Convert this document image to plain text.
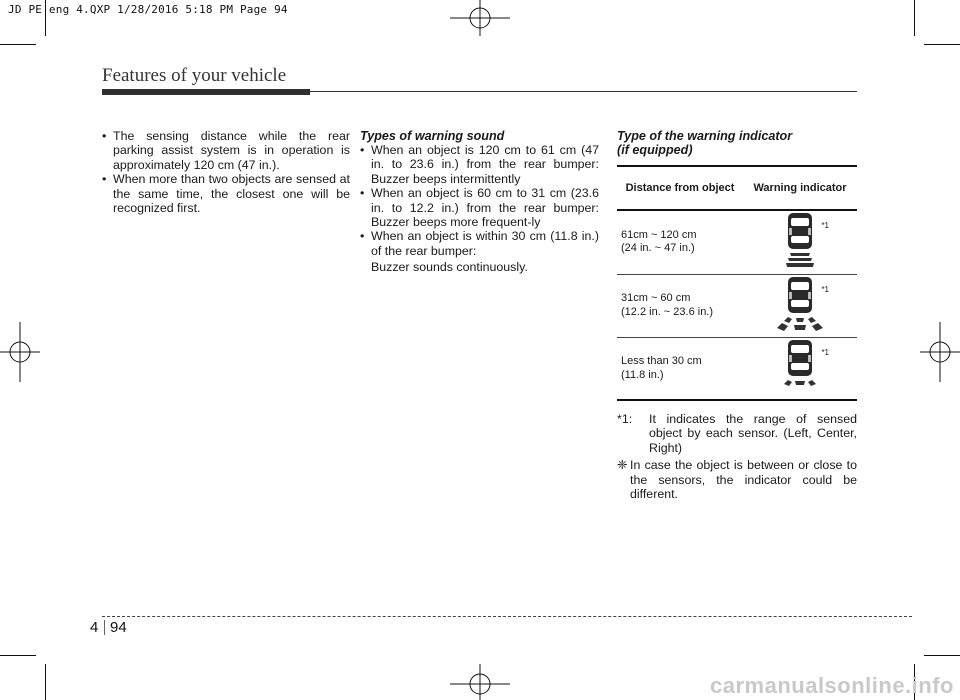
JD PE eng 4.QXP 1/28/2016 5:18 PM Page 94
Features of your vehicle
• The sensing distance while the rear parking assist system is in operation is approximately 120 cm (47 in.).
• When more than two objects are sensed at the same time, the closest one will be recognized first.

Types of warning sound

• When an object is 120 cm to 61 cm (47 in. to 23.6 in.) from the rear bumper: Buzzer beeps intermittently
• When an object is 60 cm to 31 cm (23.6 in. to 12.2 in.) from the rear bumper: Buzzer beeps more frequent-ly
• When an object is within 30 cm (11.8 in.) of the rear bumper:
Buzzer sounds continuously.

Type of the warning indicator

(if equipped)

Distance from object	Warning indicator

61cm ~ 120 cm
(24 in. ~ 47 in.)	*1

31cm ~ 60 cm
(12.2 in. ~ 23.6 in.)	*1

Less than 30 cm
(11.8 in.)	*1
*1: It indicates the range of sensed object by each sensor. (Left, Center, Right)
❈ In case the object is between or close to the sensors, the indicator could be different.
4 94
carmanualsonline.info
